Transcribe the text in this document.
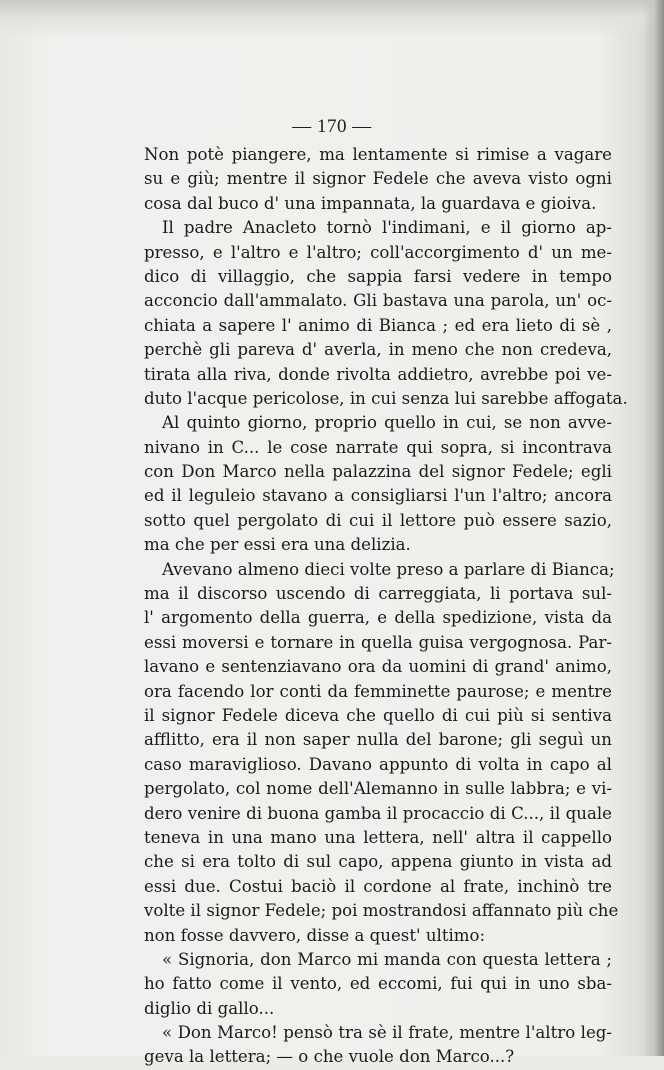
— 170 —
Non potè piangere, ma lentamente si rimise a vagare
su e giù; mentre il signor Fedele che aveva visto ogni
cosa dal buco d' una impannata, la guardava e gioiva.
Il padre Anacleto tornò l'indimani, e il giorno ap-
presso, e l'altro e l'altro; coll'accorgimento d' un me-
dico di villaggio, che sappia farsi vedere in tempo
acconcio dall'ammalato. Gli bastava una parola, un' oc-
chiata a sapere l' animo di Bianca ; ed era lieto di sè ,
perchè gli pareva d' averla, in meno che non credeva,
tirata alla riva, donde rivolta addietro, avrebbe poi ve-
duto l'acque pericolose, in cui senza lui sarebbe affogata.
Al quinto giorno, proprio quello in cui, se non avve-
nivano in C... le cose narrate qui sopra, si incontrava
con Don Marco nella palazzina del signor Fedele; egli
ed il leguleio stavano a consigliarsi l'un l'altro; ancora
sotto quel pergolato di cui il lettore può essere sazio,
ma che per essi era una delizia.
Avevano almeno dieci volte preso a parlare di Bianca;
ma il discorso uscendo di carreggiata, li portava sul-
l' argomento della guerra, e della spedizione, vista da
essi moversi e tornare in quella guisa vergognosa. Par-
lavano e sentenziavano ora da uomini di grand' animo,
ora facendo lor conti da femminette paurose; e mentre
il signor Fedele diceva che quello di cui più si sentiva
afflitto, era il non saper nulla del barone; gli seguì un
caso maraviglioso. Davano appunto di volta in capo al
pergolato, col nome dell'Alemanno in sulle labbra; e vi-
dero venire di buona gamba il procaccio di C..., il quale
teneva in una mano una lettera, nell' altra il cappello
che si era tolto di sul capo, appena giunto in vista ad
essi due. Costui baciò il cordone al frate, inchinò tre
volte il signor Fedele; poi mostrandosi affannato più che
non fosse davvero, disse a quest' ultimo:
« Signoria, don Marco mi manda con questa lettera ;
ho fatto come il vento, ed eccomi, fui qui in uno sba-
diglio di gallo...
« Don Marco! pensò tra sè il frate, mentre l'altro leg-
geva la lettera; — o che vuole don Marco...?
